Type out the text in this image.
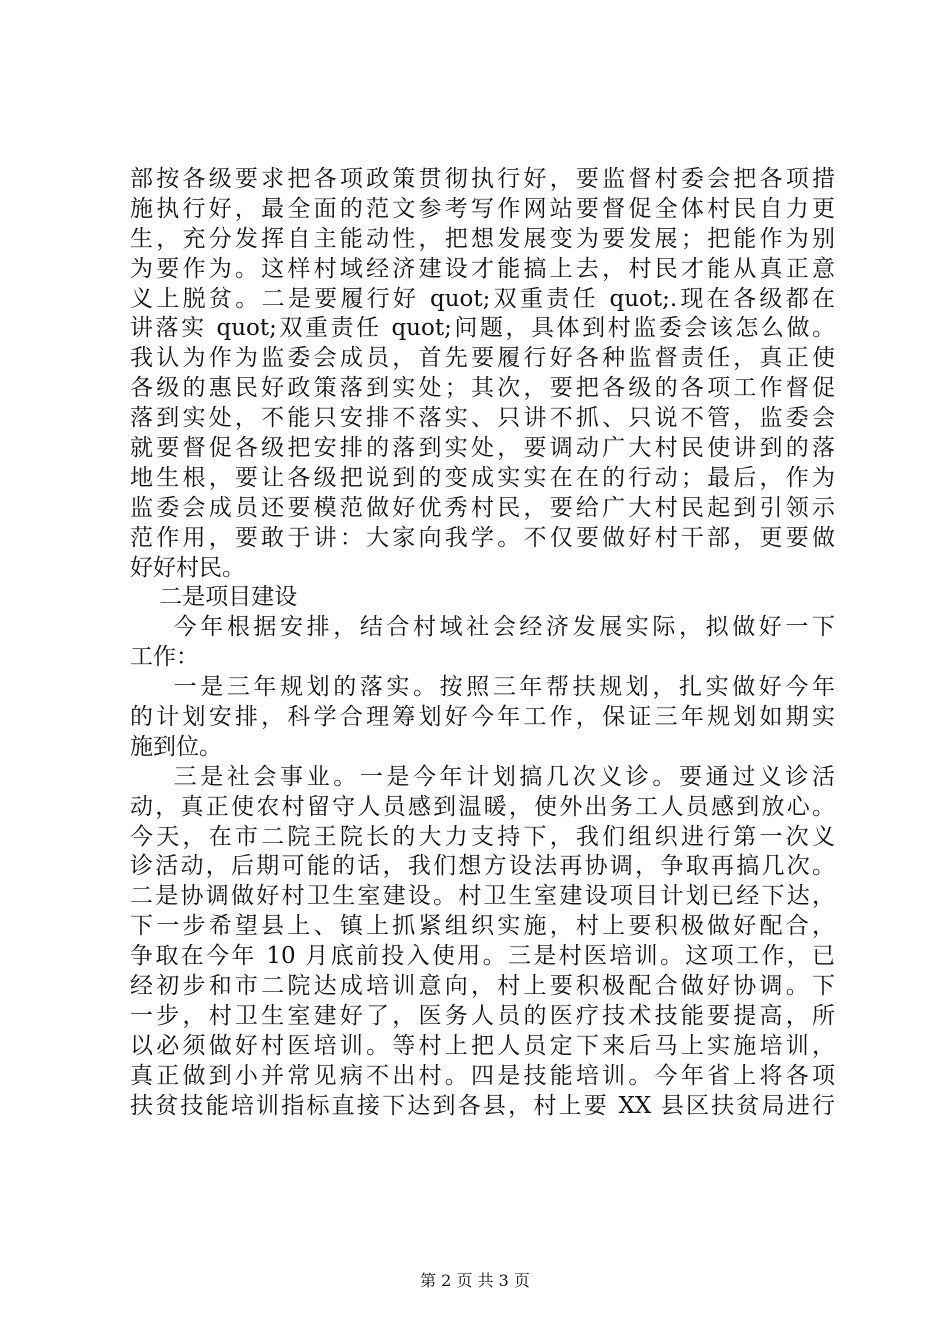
部按各级要求把各项政策贯彻执行好，要监督村委会把各项措
施执行好，最全面的范文参考写作网站要督促全体村民自力更
生，充分发挥自主能动性，把想发展变为要发展；把能作为别
为要作为。这样村域经济建设才能搞上去，村民才能从真正意
义上脱贫。二是要履行好 quot;双重责任 quot;.现在各级都在
讲落实 quot;双重责任 quot;问题，具体到村监委会该怎么做。
我认为作为监委会成员，首先要履行好各种监督责任，真正使
各级的惠民好政策落到实处；其次，要把各级的各项工作督促
落到实处，不能只安排不落实、只讲不抓、只说不管，监委会
就要督促各级把安排的落到实处，要调动广大村民使讲到的落
地生根，要让各级把说到的变成实实在在的行动；最后，作为
监委会成员还要模范做好优秀村民，要给广大村民起到引领示
范作用，要敢于讲：大家向我学。不仅要做好村干部，更要做
好好村民。
二是项目建设
今年根据安排，结合村域社会经济发展实际，拟做好一下
工作：
一是三年规划的落实。按照三年帮扶规划，扎实做好今年
的计划安排，科学合理筹划好今年工作，保证三年规划如期实
施到位。
三是社会事业。一是今年计划搞几次义诊。要通过义诊活
动，真正使农村留守人员感到温暖，使外出务工人员感到放心。
今天，在市二院王院长的大力支持下，我们组织进行第一次义
诊活动，后期可能的话，我们想方设法再协调，争取再搞几次。
二是协调做好村卫生室建设。村卫生室建设项目计划已经下达，
下一步希望县上、镇上抓紧组织实施，村上要积极做好配合，
争取在今年 10 月底前投入使用。三是村医培训。这项工作，已
经初步和市二院达成培训意向，村上要积极配合做好协调。下
一步，村卫生室建好了，医务人员的医疗技术技能要提高，所
以必须做好村医培训。等村上把人员定下来后马上实施培训，
真正做到小并常见病不出村。四是技能培训。今年省上将各项
扶贫技能培训指标直接下达到各县，村上要 XX 县区扶贫局进行
第 2 页 共 3 页
